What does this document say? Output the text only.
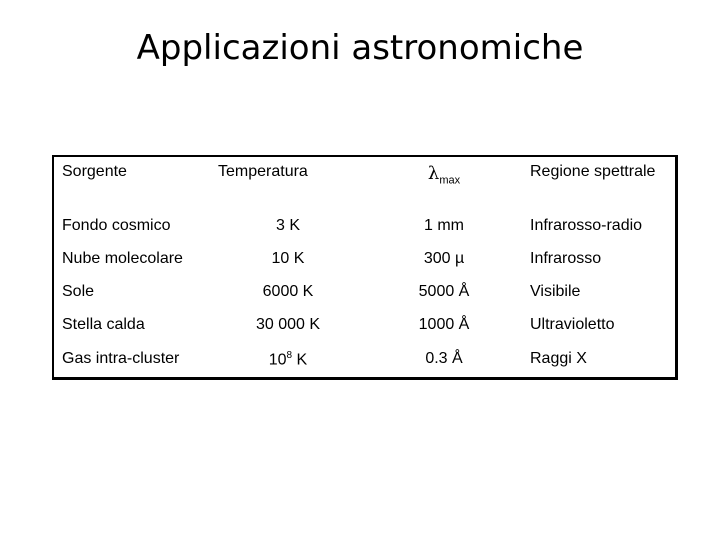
Applicazioni astronomiche
Sorgente	Temperatura	$\lambda_{max}$	Regione spettrale
Fondo cosmico	3 K	1 mm	Infrarosso-radio
Nube molecolare	10 K	300 µ	Infrarosso
Sole	6000 K	5000 Å	Visibile
Stella calda	30 000 K	1000 Å	Ultravioletto
Gas intra-cluster	$10^8$ K	0.3 Å	Raggi X
